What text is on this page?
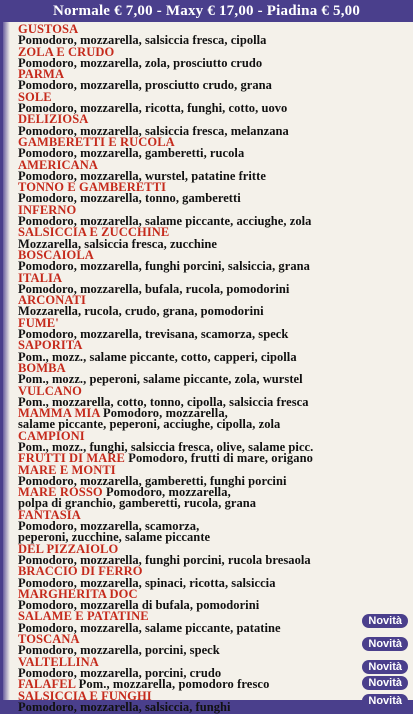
Normale € 7,00 - Maxy € 17,00 - Piadina € 5,00
GUSTOSA
Pomodoro, mozzarella, salsiccia fresca, cipolla
ZOLA E CRUDO
Pomodoro, mozzarella, zola, prosciutto crudo
PARMA
Pomodoro, mozzarella, prosciutto crudo, grana
SOLE
Pomodoro, mozzarella, ricotta, funghi, cotto, uovo
DELIZIOSA
Pomodoro, mozzarella, salsiccia fresca, melanzana
GAMBERETTI E RUCOLA
Pomodoro, mozzarella, gamberetti, rucola
AMERICANA
Pomodoro, mozzarella, wurstel, patatine fritte
TONNO E GAMBERETTI
Pomodoro, mozzarella, tonno, gamberetti
INFERNO
Pomodoro, mozzarella, salame piccante, acciughe, zola
SALSICCIA E ZUCCHINE
Mozzarella, salsiccia fresca, zucchine
BOSCAIOLA
Pomodoro, mozzarella, funghi porcini, salsiccia, grana
ITALIA
Pomodoro, mozzarella, bufala, rucola, pomodorini
ARCONATI
Mozzarella, rucola, crudo, grana, pomodorini
FUME'
Pomodoro, mozzarella, trevisana, scamorza, speck
SAPORITA
Pom., mozz., salame piccante, cotto, capperi, cipolla
BOMBA
Pom., mozz., peperoni, salame piccante, zola, wurstel
VULCANO
Pom., mozzarella, cotto, tonno, cipolla, salsiccia fresca
MAMMA MIA Pomodoro, mozzarella,
salame piccante, peperoni, acciughe, cipolla, zola
CAMPIONI
Pom., mozz., funghi, salsiccia fresca, olive, salame picc.
FRUTTI DI MARE Pomodoro, frutti di mare, origano
MARE E MONTI
Pomodoro, mozzarella, gamberetti, funghi porcini
MARE ROSSO Pomodoro, mozzarella,
polpa di granchio, gamberetti, rucola, grana
FANTASIA
Pomodoro, mozzarella, scamorza,
peperoni, zucchine, salame piccante
DEL PIZZAIOLO
Pomodoro, mozzarella, funghi porcini, rucola bresaola
BRACCIO DI FERRO
Pomodoro, mozzarella, spinaci, ricotta, salsiccia
MARGHERITA DOC
Pomodoro, mozzarella di bufala, pomodorini
SALAME E PATATINE
Pomodoro, mozzarella, salame piccante, patatine	Novità
TOSCANA
Pomodoro, mozzarella, porcini, speck	Novità
VALTELLINA
Pomodoro, mozzarella, porcini, crudo	Novità
FALAFEL Pom., mozzarella, pomodoro fresco	Novità
SALSICCIA E FUNGHI
Pomodoro, mozzarella, salsiccia, funghi	Novità
